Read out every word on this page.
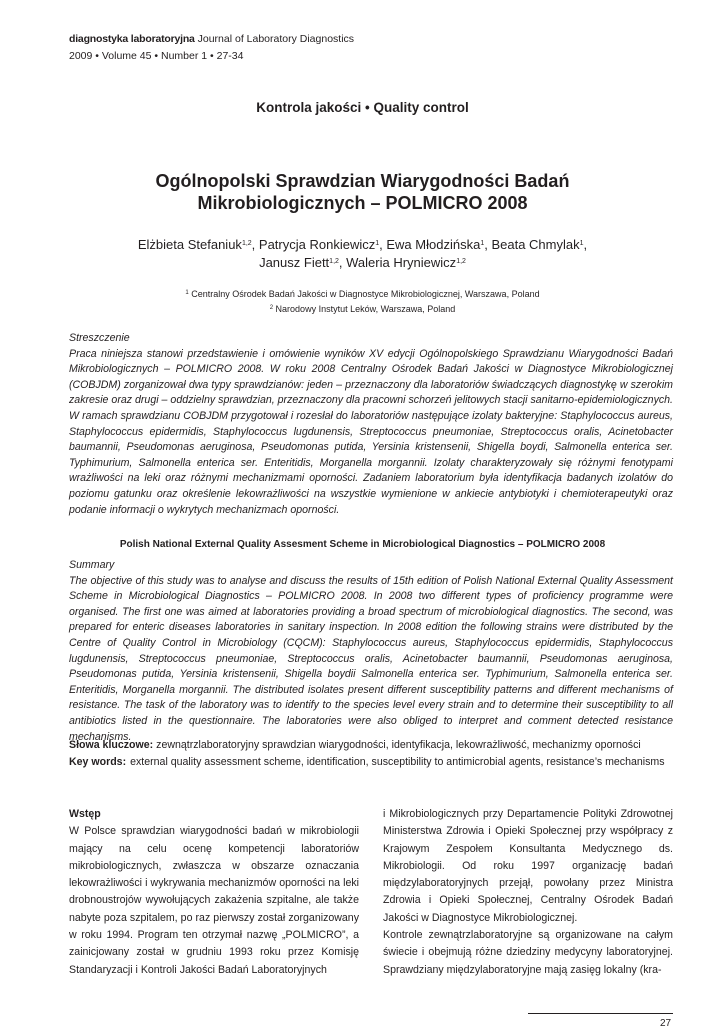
diagnostyka laboratoryjna Journal of Laboratory Diagnostics
2009 • Volume 45 • Number 1 • 27-34
Kontrola jakości • Quality control
Ogólnopolski Sprawdzian Wiarygodności Badań
Mikrobiologicznych – POLMICRO 2008
Elżbieta Stefaniuk$^{1,2}$, Patrycja Ronkiewicz$^1$, Ewa Młodzińska$^1$, Beata Chmylak$^1$,
Janusz Fiett$^{1,2}$, Waleria Hryniewicz$^{1,2}$
$^1$ Centralny Ośrodek Badań Jakości w Diagnostyce Mikrobiologicznej, Warszawa, Poland
$^2$ Narodowy Instytut Leków, Warszawa, Poland
Streszczenie
Praca niniejsza stanowi przedstawienie i omówienie wyników XV edycji Ogólnopolskiego Sprawdzianu Wiarygodności Badań Mikrobiologicznych – POLMICRO 2008. W roku 2008 Centralny Ośrodek Badań Jakości w Diagnostyce Mikrobiologicznej (COBJDM) zorganizował dwa typy sprawdzianów: jeden – przeznaczony dla laboratoriów świadczących diagnostykę w szerokim zakresie oraz drugi – oddzielny sprawdzian, przeznaczony dla pracowni schorzeń jelitowych stacji sanitarno-epidemiologicznych. W ramach sprawdzianu COBJDM przygotował i rozesłał do laboratoriów następujące izolaty bakteryjne: Staphylococcus aureus, Staphylococcus epidermidis, Staphylococcus lugdunensis, Streptococcus pneumoniae, Streptococcus oralis, Acinetobacter baumannii, Pseudomonas aeruginosa, Pseudomonas putida, Yersinia kristensenii, Shigella boydi, Salmonella enterica ser. Typhimurium, Salmonella enterica ser. Enteritidis, Morganella morgannii. Izolaty charakteryzowały się różnymi fenotypami wrażliwości na leki oraz różnymi mechanizmami oporności. Zadaniem laboratorium była identyfikacja badanych izolatów do poziomu gatunku oraz określenie lekowrażliwości na wszystkie wymienione w ankiecie antybiotyki i chemioterapeutyki oraz podanie informacji o wykrytych mechanizmach oporności.
Polish National External Quality Assesment Scheme in Microbiological Diagnostics – POLMICRO 2008
Summary
The objective of this study was to analyse and discuss the results of 15th edition of Polish National External Quality Assessment Scheme in Microbiological Diagnostics – POLMICRO 2008. In 2008 two different types of proficiency programme were organised. The first one was aimed at laboratories providing a broad spectrum of microbiological diagnostics. The second, was prepared for enteric diseases laboratories in sanitary inspection. In 2008 edition the following strains were distributed by the Centre of Quality Control in Microbiology (CQCM): Staphylococcus aureus, Staphylococcus epidermidis, Staphylococcus lugdunensis, Streptococcus pneumoniae, Streptococcus oralis, Acinetobacter baumannii, Pseudomonas aeruginosa, Pseudomonas putida, Yersinia kristensenii, Shigella boydii Salmonella enterica ser. Typhimurium, Salmonella enterica ser. Enteritidis, Morganella morgannii. The distributed isolates present different susceptibility patterns and different mechanisms of resistance. The task of the laboratory was to identify to the species level every strain and to determine their susceptibility to all antibiotics listed in the questionnaire. The laboratories were also obliged to interpret and comment detected resistance mechanisms.
Słowa kluczowe: zewnątrzlaboratoryjny sprawdzian wiarygodności, identyfikacja, lekowrażliwość, mechanizmy oporności
Key words: external quality assessment scheme, identification, susceptibility to antimicrobial agents, resistance’s mechanisms

Wstęp

W Polsce sprawdzian wiarygodności badań w mikrobiologii mający na celu ocenę kompetencji laboratoriów mikrobiologicznych, zwłaszcza w obszarze oznaczania lekowrażliwości i wykrywania mechanizmów oporności na leki drobnoustrojów wywołujących zakażenia szpitalne, ale także nabyte poza szpitalem, po raz pierwszy został zorganizowany w roku 1994. Program ten otrzymał nazwę „POLMICRO”, a zainicjowany został w grudniu 1993 roku przez Komisję Standaryzacji i Kontroli Jakości Badań Laboratoryjnych

i Mikrobiologicznych przy Departamencie Polityki Zdrowotnej Ministerstwa Zdrowia i Opieki Społecznej przy współpracy z Krajowym Zespołem Konsultanta Medycznego ds. Mikrobiologii. Od roku 1997 organizację badań międzylaboratoryjnych przejął, powołany przez Ministra Zdrowia i Opieki Społecznej, Centralny Ośrodek Badań Jakości w Diagnostyce Mikrobiologicznej.

Kontrole zewnątrzlaboratoryjne są organizowane na całym świecie i obejmują różne dziedziny medycyny laboratoryjnej. Sprawdziany międzylaboratoryjne mają zasięg lokalny (kra-

27
